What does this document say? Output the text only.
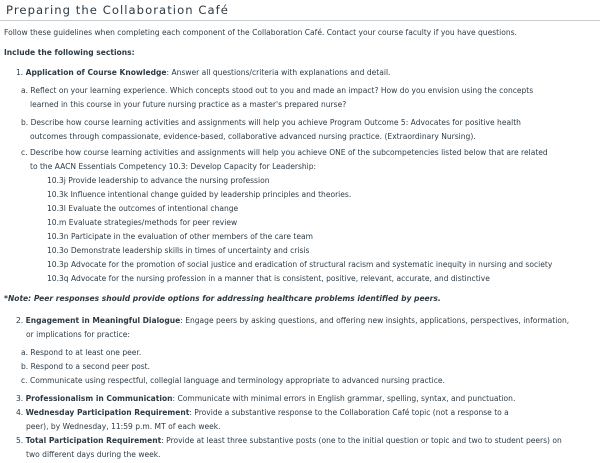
Preparing the Collaboration Café
Follow these guidelines when completing each component of the Collaboration Café. Contact your course faculty if you have questions.
Include the following sections:
1. Application of Course Knowledge: Answer all questions/criteria with explanations and detail.
a. Reflect on your learning experience. Which concepts stood out to you and made an impact? How do you envision using the concepts
learned in this course in your future nursing practice as a master's prepared nurse?
b. Describe how course learning activities and assignments will help you achieve Program Outcome 5: Advocates for positive health
outcomes through compassionate, evidence-based, collaborative advanced nursing practice. (Extraordinary Nursing).
c. Describe how course learning activities and assignments will help you achieve ONE of the subcompetencies listed below that are related
to the AACN Essentials Competency 10.3: Develop Capacity for Leadership:
10.3j Provide leadership to advance the nursing profession
10.3k Influence intentional change guided by leadership principles and theories.
10.3l Evaluate the outcomes of intentional change
10.m Evaluate strategies/methods for peer review
10.3n Participate in the evaluation of other members of the care team
10.3o Demonstrate leadership skills in times of uncertainty and crisis
10.3p Advocate for the promotion of social justice and eradication of structural racism and systematic inequity in nursing and society
10.3q Advocate for the nursing profession in a manner that is consistent, positive, relevant, accurate, and distinctive
*Note: Peer responses should provide options for addressing healthcare problems identified by peers.
2. Engagement in Meaningful Dialogue: Engage peers by asking questions, and offering new insights, applications, perspectives, information,
or implications for practice:
a. Respond to at least one peer.
b. Respond to a second peer post.
c. Communicate using respectful, collegial language and terminology appropriate to advanced nursing practice.
3. Professionalism in Communication: Communicate with minimal errors in English grammar, spelling, syntax, and punctuation.
4. Wednesday Participation Requirement: Provide a substantive response to the Collaboration Café topic (not a response to a
peer), by Wednesday, 11:59 p.m. MT of each week.
5. Total Participation Requirement: Provide at least three substantive posts (one to the initial question or topic and two to student peers) on
two different days during the week.
